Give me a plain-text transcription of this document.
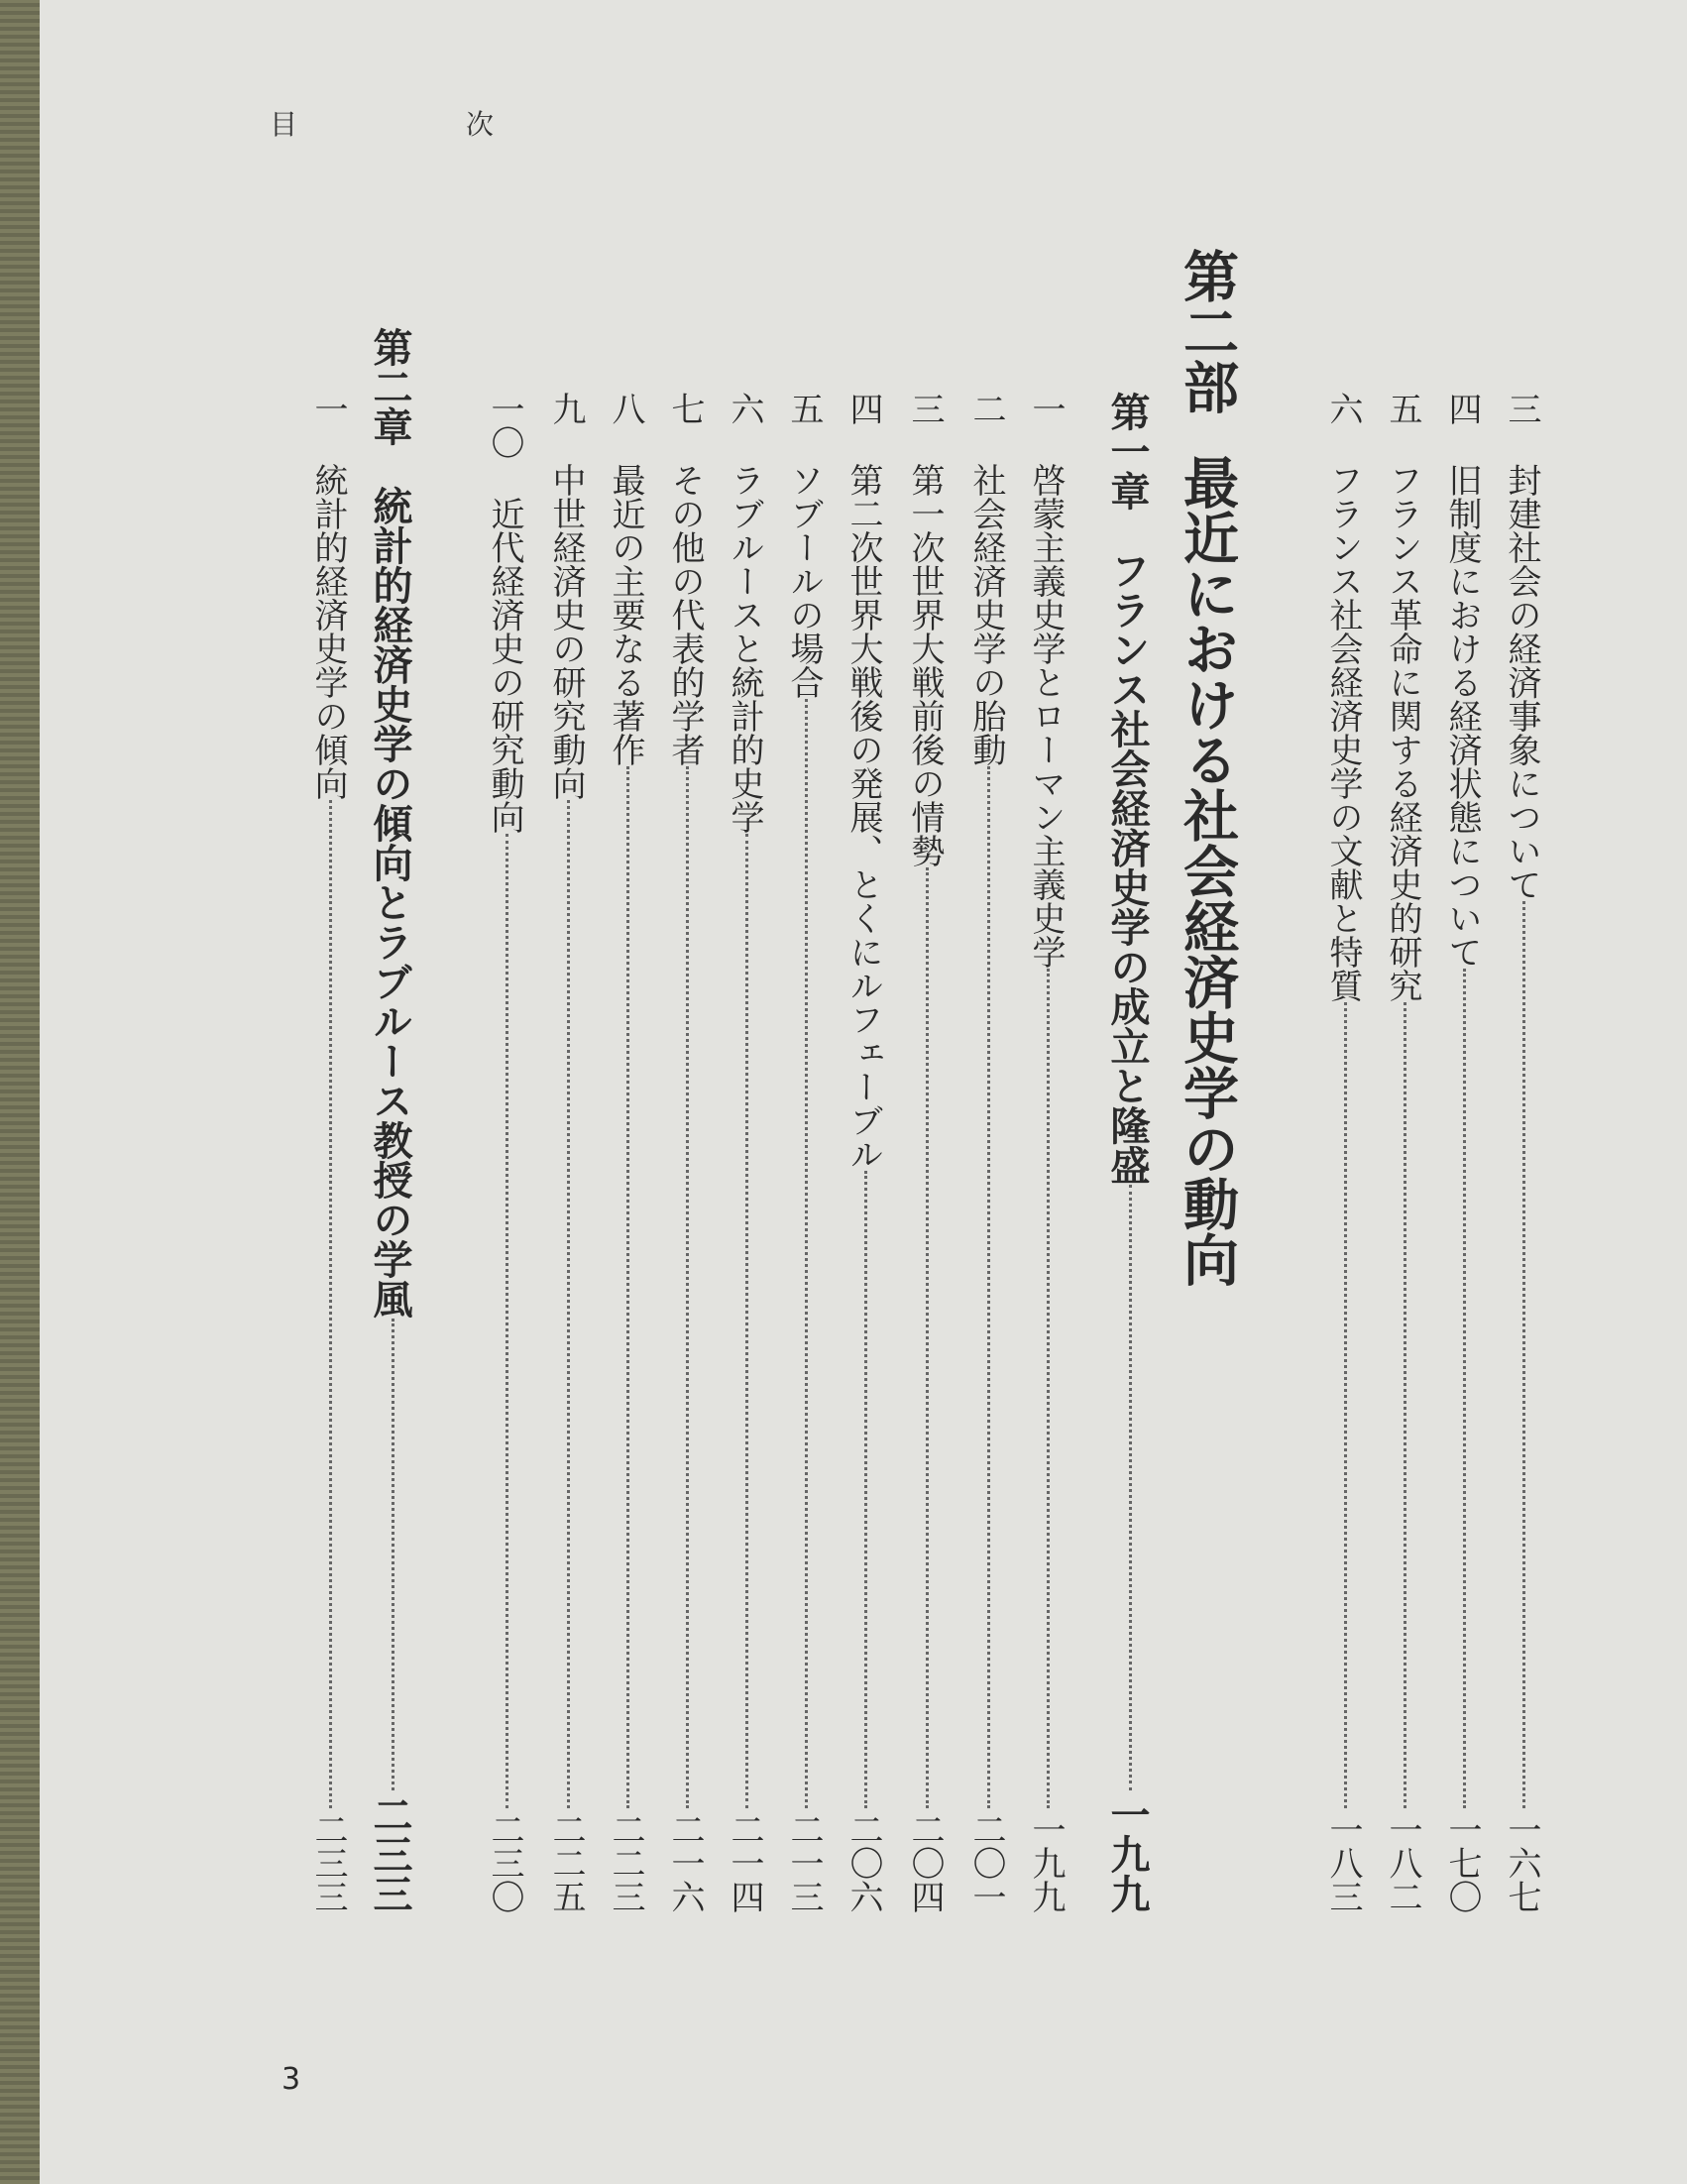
目	次
三
封建社会の経済事象について
一六七
四
旧制度における経済状態について
一七〇
五
フランス革命に関する経済史的研究
一八二
六
フランス社会経済史学の文献と特質
一八三
第二部最近における社会経済史学の動向
第一章
フランス社会経済史学の成立と隆盛
一九九
一
啓蒙主義史学とローマン主義史学
一九九
二
社会経済史学の胎動
二〇一
三
第一次世界大戦前後の情勢
二〇四
四
第二次世界大戦後の発展、とくにルフェーブル
二〇六
五
ソブールの場合
二一三
六
ラブルースと統計的史学
二一四
七
その他の代表的学者
二一六
八
最近の主要なる著作
二二三
九
中世経済史の研究動向
二二五
一〇
近代経済史の研究動向
二三〇
第二章
統計的経済史学の傾向とラブルース教授の学風
二三三
一
統計的経済史学の傾向
二三三
3
